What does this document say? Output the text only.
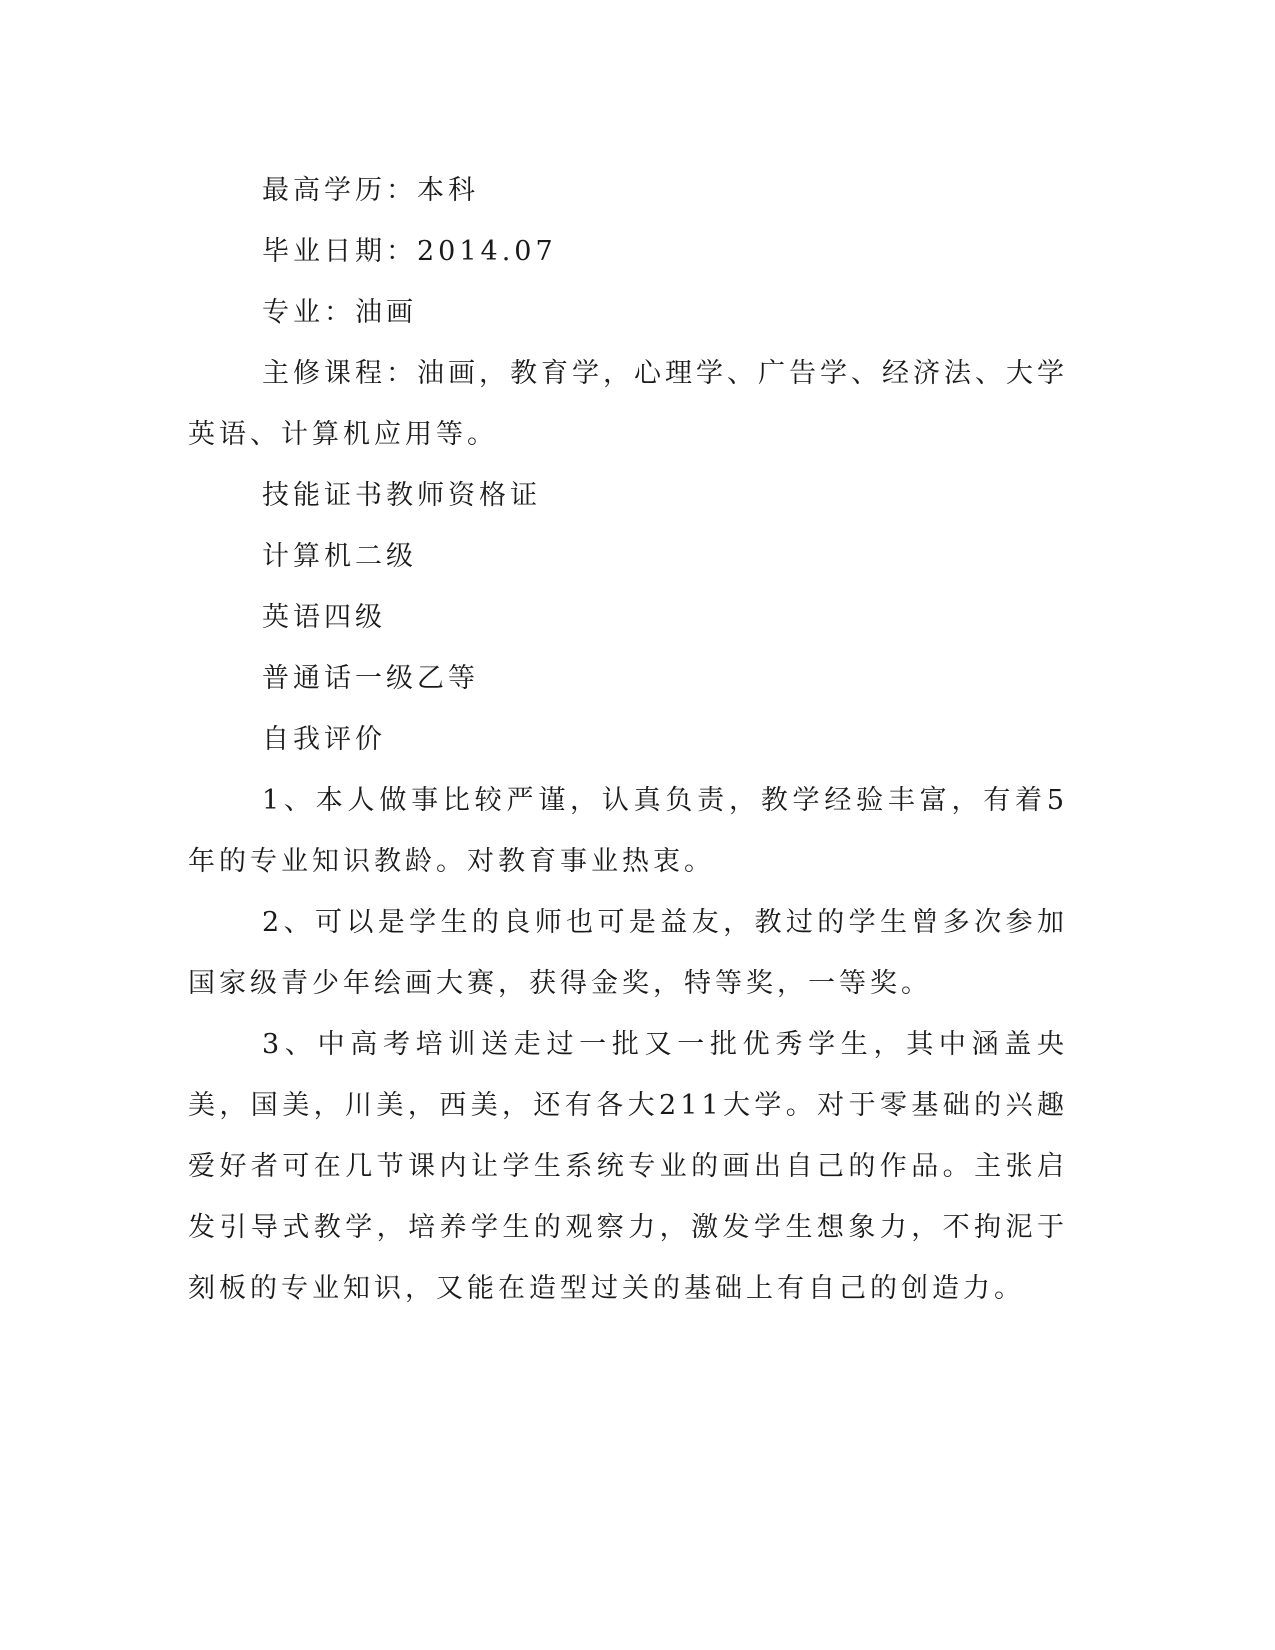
最高学历：本科

毕业日期：2014.07

专业：油画

主修课程：油画，教育学，心理学、广告学、经济法、大学英语、计算机应用等。

技能证书教师资格证

计算机二级

英语四级

普通话一级乙等

自我评价

1、本人做事比较严谨，认真负责，教学经验丰富，有着5年的专业知识教龄。对教育事业热衷。

2、可以是学生的良师也可是益友，教过的学生曾多次参加国家级青少年绘画大赛，获得金奖，特等奖，一等奖。

3、中高考培训送走过一批又一批优秀学生，其中涵盖央美，国美，川美，西美，还有各大211大学。对于零基础的兴趣爱好者可在几节课内让学生系统专业的画出自己的作品。主张启发引导式教学，培养学生的观察力，激发学生想象力，不拘泥于刻板的专业知识，又能在造型过关的基础上有自己的创造力。
